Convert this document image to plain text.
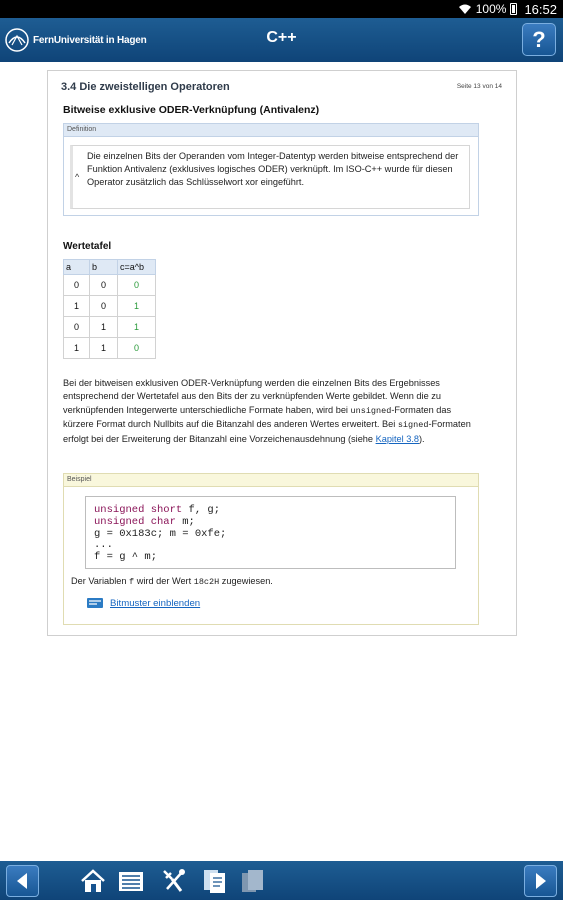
100% 16:52
FernUniversität in Hagen	C++	?
3.4 Die zweistelligen Operatoren	Seite 13 von 14
Bitweise exklusive ODER-Verknüpfung (Antivalenz)
Definition
^
Die einzelnen Bits der Operanden vom Integer-Datentyp werden bitweise entsprechend der Funktion Antivalenz (exklusives logisches ODER) verknüpft. Im ISO-C++ wurde für diesen Operator zusätzlich das Schlüsselwort xor eingeführt.
Wertetafel
a	b	c=a^b
0	0	0
1	0	1
0	1	1
1	1	0
Bei der bitweisen exklusiven ODER-Verknüpfung werden die einzelnen Bits des Ergebnisses entsprechend der Wertetafel aus den Bits der zu verknüpfenden Werte gebildet. Wenn die zu verknüpfenden Integerwerte unterschiedliche Formate haben, wird bei unsigned-Formaten das kürzere Format durch Nullbits auf die Bitanzahl des anderen Wertes erweitert. Bei signed-Formaten erfolgt bei der Erweiterung der Bitanzahl eine Vorzeichenausdehnung (siehe Kapitel 3.8).
Beispiel
unsigned short f, g;
unsigned char m;
g = 0x183c; m = 0xfe;
...
f = g ^ m;
Der Variablen f wird der Wert 18c2H zugewiesen.
Bitmuster einblenden
